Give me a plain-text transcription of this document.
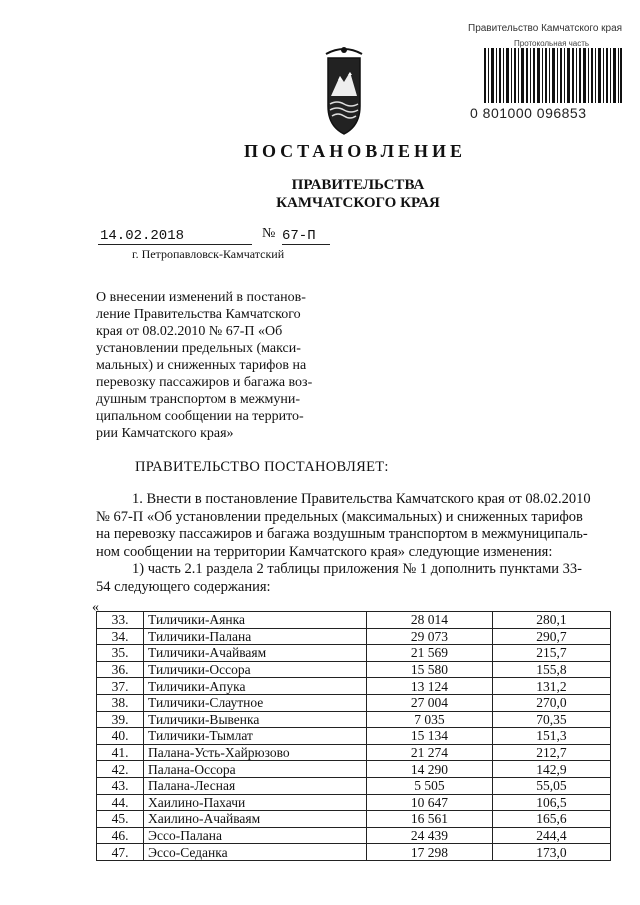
Правительство Камчатского края
Протокольная часть
0 801000 096853
ПОСТАНОВЛЕНИЕ
ПРАВИТЕЛЬСТВА
КАМЧАТСКОГО КРАЯ
14.02.2018	№ 67-П
г. Петропавловск-Камчатский
О внесении изменений в постанов-
ление Правительства Камчатского
края от 08.02.2010 № 67-П «Об
установлении предельных (макси-
мальных) и сниженных тарифов на
перевозку пассажиров и багажа воз-
душным транспортом в межмуни-
ципальном сообщении на террито-
рии Камчатского края»
ПРАВИТЕЛЬСТВО ПОСТАНОВЛЯЕТ:
1. Внести в постановление Правительства Камчатского края от 08.02.2010
№ 67-П «Об установлении предельных (максимальных) и сниженных тарифов
на перевозку пассажиров и багажа воздушным транспортом в межмуниципаль-
ном сообщении на территории Камчатского края» следующие изменения:
1) часть 2.1 раздела 2 таблицы приложения № 1 дополнить пунктами 33-
54 следующего содержания:
«
33.	Тиличики-Аянка	28 014	280,1
34.	Тиличики-Палана	29 073	290,7
35.	Тиличики-Ачайваям	21 569	215,7
36.	Тиличики-Оссора	15 580	155,8
37.	Тиличики-Апука	13 124	131,2
38.	Тиличики-Слаутное	27 004	270,0
39.	Тиличики-Вывенка	7 035	70,35
40.	Тиличики-Тымлат	15 134	151,3
41.	Палана-Усть-Хайрюзово	21 274	212,7
42.	Палана-Оссора	14 290	142,9
43.	Палана-Лесная	5 505	55,05
44.	Хаилино-Пахачи	10 647	106,5
45.	Хаилино-Ачайваям	16 561	165,6
46.	Эссо-Палана	24 439	244,4
47.	Эссо-Седанка	17 298	173,0
